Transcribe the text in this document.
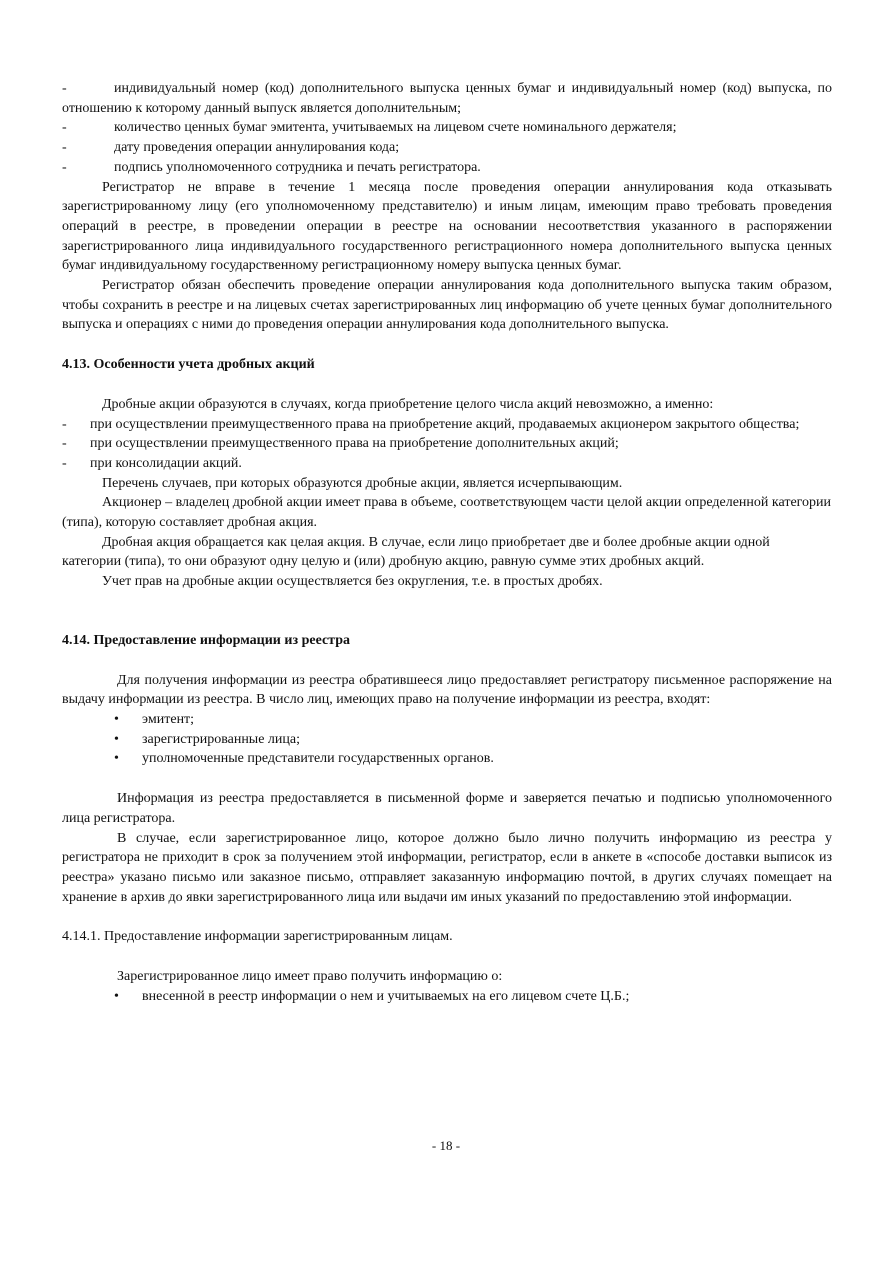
-	индивидуальный номер (код) дополнительного выпуска ценных бумаг и индивидуальный номер (код) выпуска, по отношению к которому данный выпуск является дополнительным;

-	количество ценных бумаг эмитента, учитываемых на лицевом счете номинального держателя;

-	дату проведения операции аннулирования кода;

-	подпись уполномоченного сотрудника и печать регистратора.

Регистратор не вправе в течение 1 месяца после проведения операции аннулирования кода отказывать зарегистрированному лицу (его уполномоченному представителю) и иным лицам, имеющим право требовать проведения операций в реестре, в проведении операции в реестре на основании несоответствия указанного в распоряжении зарегистрированного лица индивидуального государственного регистрационного номера дополнительного выпуска ценных бумаг индивидуальному государственному регистрационному номеру выпуска ценных бумаг.

Регистратор обязан обеспечить проведение операции аннулирования кода дополнительного выпуска таким образом, чтобы сохранить в реестре и на лицевых счетах зарегистрированных лиц информацию об учете ценных бумаг дополнительного выпуска и операциях с ними до проведения операции аннулирования кода дополнительного выпуска.

4.13. Особенности учета дробных акций

Дробные акции образуются в случаях, когда приобретение целого числа акций невозможно, а именно:

- при осуществлении преимущественного права на приобретение акций, продаваемых акционером закрытого общества;

- при осуществлении преимущественного права на приобретение дополнительных акций;

- при консолидации акций.

Перечень случаев, при которых образуются дробные акции, является исчерпывающим.

Акционер – владелец дробной акции имеет права в объеме, соответствующем части целой акции определенной категории (типа), которую составляет дробная акция.

Дробная акция обращается как целая акция. В случае, если лицо приобретает две и более дробные акции одной категории (типа), то они образуют одну целую и (или) дробную акцию, равную сумме этих дробных акций.

Учет прав на дробные акции осуществляется без округления, т.е. в простых дробях.

4.14. Предоставление информации из реестра

Для получения информации из реестра обратившееся лицо предоставляет регистратору письменное распоряжение на выдачу информации из реестра. В число лиц, имеющих право на получение информации из реестра, входят:

• эмитент;

• зарегистрированные лица;

• уполномоченные представители государственных органов.

Информация из реестра предоставляется в письменной форме и заверяется печатью и подписью уполномоченного лица регистратора.

В случае, если зарегистрированное лицо, которое должно было лично получить информацию из реестра у регистратора не приходит в срок за получением этой информации, регистратор, если в анкете в «способе доставки выписок из реестра» указано письмо или заказное письмо, отправляет заказанную информацию почтой, в других случаях помещает на хранение в архив до явки зарегистрированного лица или выдачи им иных указаний по предоставлению этой информации.

4.14.1. Предоставление информации зарегистрированным лицам.

Зарегистрированное лицо имеет право получить информацию о:

• внесенной в реестр информации о нем и учитываемых на его лицевом счете Ц.Б.;

- 18 -
